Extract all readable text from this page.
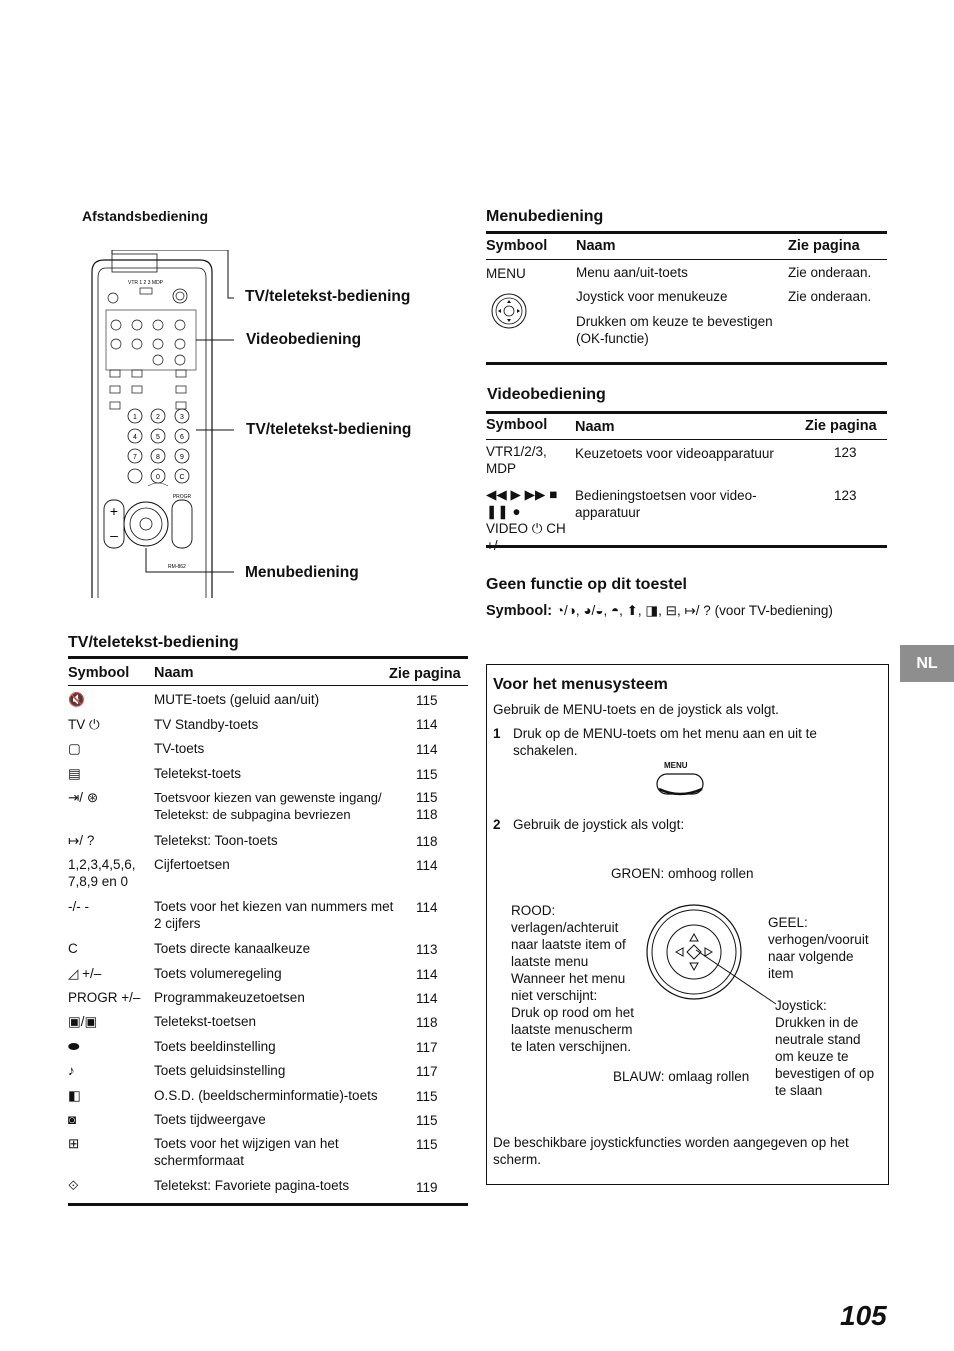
Afstandsbediening
VTR 1 2 3 MDP
1	2	3
4	5	6
7	8	9
0	C
+
–
PROGR
RM-862
TV/teletekst-bediening
Videobediening
TV/teletekst-bediening
Menubediening
TV/teletekst-bediening
Symbool Naam	Zie pagina
🔇	MUTE-toets (geluid aan/uit)	115
TV ⏻	TV Standby-toets	114
▢	TV-toets	114
▤	Teletekst-toets	115
⇥/ ⊛	Toetsvoor kiezen van gewenste ingang/ Teletekst: de subpagina bevriezen
115
118
↦/ ?	Teletekst: Toon-toets	118
1,2,3,4,5,6, 7,8,9 en 0
Cijfertoetsen	114
-/- -	Toets voor het kiezen van nummers met 2 cijfers
114
C	Toets directe kanaalkeuze	113
◿ +/–	Toets volumeregeling	114
PROGR +/–	Programmakeuzetoetsen	114
▣/▣	Teletekst-toetsen	118
⬬	Toets beeldinstelling	117
♪	Toets geluidsinstelling	117
◧	O.S.D. (beeldscherminformatie)-toets	115
◙	Toets tijdweergave	115
⊞	Toets voor het wijzigen van het schermformaat
115
⟐	Teletekst: Favoriete pagina-toets	119
Menubediening
Symbool Naam	Zie pagina
MENU	Menu aan/uit-toets	Zie onderaan.
Joystick voor menukeuze	Zie onderaan.
Drukken om keuze te bevestigen (OK-functie)
Videobediening
Symbool Naam	Zie pagina
VTR1/2/3, MDP
Keuzetoets voor videoapparatuur	123
◀◀ ▶ ▶▶ ■ ❚❚ ● VIDEO ⏻ CH
Bedieningstoetsen voor video-apparatuur
123
Geen functie op dit toestel
Symbool: ◔/◑, ◕/◒, ◓, ⬆, ◨, ⊟, ↦/ ? (voor TV-bediening)
Voor het menusysteem
Gebruik de MENU-toets en de joystick als volgt.
1 Druk op de MENU-toets om het menu aan en uit te schakelen.
MENU
2 Gebruik de joystick als volgt:
GROEN: omhoog rollen
ROOD:
verlagen/achteruit
naar laatste item of
laatste menu
Wanneer het menu
niet verschijnt:
Druk op rood om het
laatste menuscherm
te laten verschijnen.
GEEL:
verhogen/vooruit
naar volgende
item
Joystick:
Drukken in de
neutrale stand
om keuze te
bevestigen of op
te slaan
BLAUW: omlaag rollen
De beschikbare joystickfuncties worden aangegeven op het scherm.
NL
105
